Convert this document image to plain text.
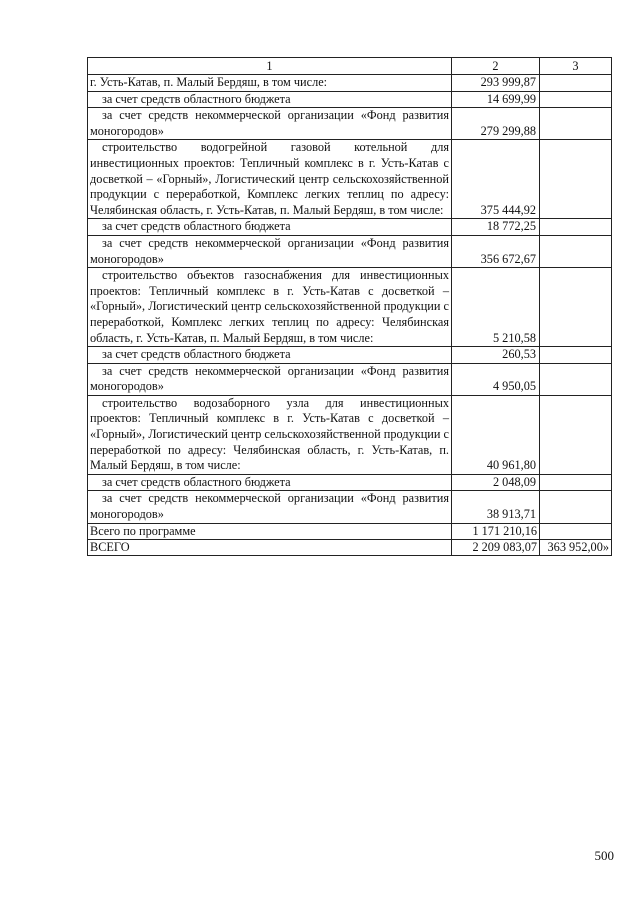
1	2	3

г. Усть-Катав, п. Малый Бердяш, в том числе:	293 999,87	

за счет средств областного бюджета	14 699,99	

за счет средств некоммерческой организации «Фонд развития моногородов»	279 299,88	

строительство водогрейной газовой котельной для инвестиционных проектов: Тепличный комплекс в г. Усть-Катав с досветкой – «Горный», Логистический центр сельскохозяйственной продукции с переработкой, Комплекс легких теплиц по адресу: Челябинская область, г. Усть-Катав, п. Малый Бердяш, в том числе:	375 444,92	

за счет средств областного бюджета	18 772,25	

за счет средств некоммерческой организации «Фонд развития моногородов»	356 672,67	

строительство объектов газоснабжения для инвестиционных проектов: Тепличный комплекс в г. Усть-Катав с досветкой – «Горный», Логистический центр сельскохозяйственной продукции с переработкой, Комплекс легких теплиц по адресу: Челябинская область, г. Усть-Катав, п. Малый Бердяш, в том числе:	5 210,58	

за счет средств областного бюджета	260,53	

за счет средств некоммерческой организации «Фонд развития моногородов»	4 950,05	

строительство водозаборного узла для инвестиционных проектов: Тепличный комплекс в г. Усть-Катав с досветкой – «Горный», Логистический центр сельскохозяйственной продукции с переработкой по адресу: Челябинская область, г. Усть-Катав, п. Малый Бердяш, в том числе:	40 961,80	

за счет средств областного бюджета	2 048,09	

за счет средств некоммерческой организации «Фонд развития моногородов»	38 913,71	

Всего по программе	1 171 210,16	
ВСЕГО	2 209 083,07	363 952,00»
500
